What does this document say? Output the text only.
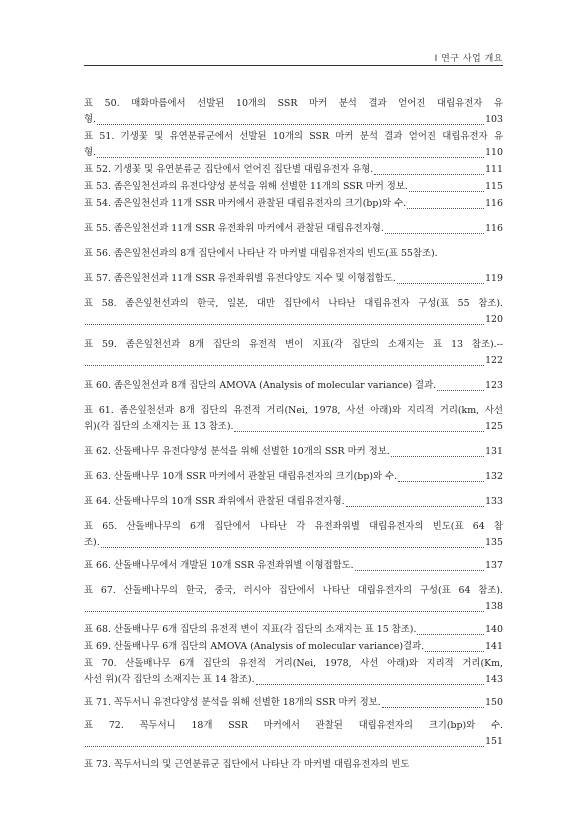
Ⅰ 연구 사업 개요
표 50. 매화마름에서 선발된 10개의 SSR 마커 분석 결과 얻어진 대립유전자 유
형.	103
표 51. 기생꽃 및 유연분류군에서 선발된 10개의 SSR 마커 분석 결과 얻어진 대립유전자 유
형.	110
표 52. 기생꽃 및 유연분류군 집단에서 얻어진 집단별 대립유전자 유형.	111
표 53. 좀은잎천선과의 유전다양성 분석을 위해 선별한 11개의 SSR 마커 정보.	115
표 54. 좀은잎천선과 11개 SSR 마커에서 관찰된 대립유전자의 크기(bp)와 수.	116
표 55. 좀은잎천선과 11개 SSR 유전좌위 마커에서 관찰된 대립유전자형.	116
표 56. 좀은잎천선과의 8개 집단에서 나타난 각 마커별 대립유전자의 빈도(표 55참조).
표 57. 좀은잎천선과 11개 SSR 유전좌위별 유전다양도 지수 및 이형접합도.	119
표 58. 좀은잎천선과의 한국, 일본, 대만 집단에서 나타난 대립유전자 구성(표 55 참조).
120
표 59. 좀은잎천선과 8개 집단의 유전적 변이 지표(각 집단의 소재지는 표 13 참조).--
122
표 60. 좀은잎천선과 8개 집단의 AMOVA (Analysis of molecular variance) 결과.	123
표 61. 좀은잎천선과 8개 집단의 유전적 거리(Nei, 1978, 사선 아래)와 지리적 거리(km, 사선
위)(각 집단의 소재지는 표 13 참조).	125
표 62. 산돌배나무 유전다양성 분석을 위해 선별한 10개의 SSR 마커 정보.	131
표 63. 산돌배나무 10개 SSR 마커에서 관찰된 대립유전자의 크기(bp)와 수.	132
표 64. 산돌배나무의 10개 SSR 좌위에서 관찰된 대립유전자형.	133
표 65. 산돌배나무의 6개 집단에서 나타난 각 유전좌위별 대립유전자의 빈도(표 64 참
조).	135
표 66. 산돌배나무에서 개발된 10개 SSR 유전좌위별 이형접합도.	137
표 67. 산돌배나무의 한국, 중국, 러시아 집단에서 나타난 대립유전자의 구성(표 64 참조).
138
표 68. 산돌배나무 6개 집단의 유전적 변이 지표(각 집단의 소재지는 표 15 참조).	140
표 69. 산돌배나무 6개 집단의 AMOVA (Analysis of molecular variance)결과.	141
표 70. 산돌배나무 6개 집단의 유전적 거리(Nei, 1978, 사선 아래)와 지리적 거리(Km,
사선 위)(각 집단의 소재지는 표 14 참조).	143
표 71. 꼭두서니 유전다양성 분석을 위해 선별한 18개의 SSR 마커 정보.	150
표 72. 꼭두서니 18개 SSR 마커에서 관찰된 대립유전자의 크기(bp)와 수.
151
표 73. 꼭두서니의 및 근연분류군 집단에서 나타난 각 마커별 대립유전자의 빈도
